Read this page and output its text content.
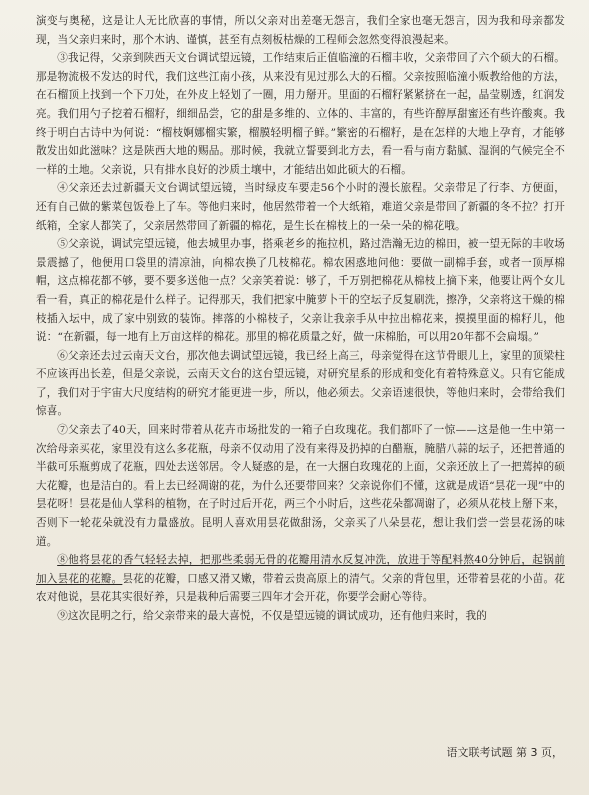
演变与奥秘，这是让人无比欣喜的事情，所以父亲对出差毫无怨言，我们全家也毫无怨言，因为我和母亲都发现，当父亲归来时，那个木讷、谨慎，甚至有点刻板枯燥的工程师会忽然变得浪漫起来。

③我记得，父亲到陕西天文台调试望远镜，工作结束后正值临潼的石榴丰收，父亲带回了六个硕大的石榴。那是物流极不发达的时代，我们这些江南小孩，从来没有见过那么大的石榴。父亲按照临潼小贩教给他的方法，在石榴顶上找到一个下刀处，在外皮上轻划了一圈，用力掰开。里面的石榴籽紧紧挤在一起，晶莹剔透，红润发亮。我们用勺子挖着石榴籽，细细品尝，它的甜是多维的、立体的、丰富的，有些许醇厚甜蜜还有些许酸爽。我终于明白古诗中为何说：“榴枝婀娜榴实繁，榴膜轻明榴子鲜。”繁密的石榴籽，是在怎样的大地上孕育，才能够散发出如此滋味？这是陕西大地的赐品。那时候，我就立誓要到北方去，看一看与南方黏腻、湿润的气候完全不一样的土地。父亲说，只有排水良好的沙质土壤中，才能结出如此硕大的石榴。

④父亲还去过新疆天文台调试望远镜，当时绿皮车要走56个小时的漫长旅程。父亲带足了行李、方便面，还有自己做的紫菜包饭卷上了车。等他归来时，他居然带着一个大纸箱，难道父亲是带回了新疆的冬不拉？打开纸箱，全家人都笑了，父亲居然带回了新疆的棉花，是生长在棉枝上的一朵一朵的棉花哦。

⑤父亲说，调试完望远镜，他去城里办事，搭乘老乡的拖拉机，路过浩瀚无边的棉田，被一望无际的丰收场景震撼了，他便用口袋里的清凉油，向棉农换了几枝棉花。棉农困惑地问他：要做一副棉手套，或者一顶厚棉帽，这点棉花都不够，要不要多送他一点？父亲笑着说：够了，千万别把棉花从棉枝上摘下来，他要让两个女儿看一看，真正的棉花是什么样子。记得那天，我们把家中腌萝卜干的空坛子反复刷洗，擦净，父亲将这干燥的棉枝插入坛中，成了家中别致的装饰。摔落的小棉枝子，父亲让我亲手从中拉出棉花来，摸摸里面的棉籽儿，他说：“在新疆，每一地有上万亩这样的棉花。那里的棉花质量之好，做一床棉胎，可以用20年都不会扁塌。”

⑥父亲还去过云南天文台，那次他去调试望远镜，我已经上高三，母亲觉得在这节骨眼儿上，家里的顶梁柱不应该再出长差，但是父亲说，云南天文台的这台望远镜，对研究星系的形成和变化有着特殊意义。只有它能成了，我们对于宇宙大尺度结构的研究才能更进一步，所以，他必须去。父亲语速很快，等他归来时，会带给我们惊喜。

⑦父亲去了40天，回来时带着从花卉市场批发的一箱子白玫瑰花。我们都吓了一惊——这是他一生中第一次给母亲买花，家里没有这么多花瓶，母亲不仅动用了没有来得及扔掉的白醋瓶，腌腊八蒜的坛子，还把普通的半截可乐瓶剪成了花瓶，四处去送邻居。令人疑惑的是，在一大捆白玫瑰花的上面，父亲还放上了一把蔫掉的硕大花瓣，也是洁白的。看上去已经凋谢的花，为什么还要带回来？父亲说你们不懂，这就是成语“昙花一现”中的昙花呀！昙花是仙人掌科的植物，在子时过后开花，两三个小时后，这些花朵都凋谢了，必须从花枝上掰下来，否则下一轮花朵就没有力量盛放。昆明人喜欢用昙花做甜汤，父亲买了八朵昙花，想让我们尝一尝昙花汤的味道。

⑧他将昙花的香气轻轻去掉，把那些柔弱无骨的花瓣用清水反复冲洗，放进于等配料熬40分钟后，起锅前加入昙花的花瓣。昙花的花瓣，口感又滑又嫩，带着云贵高原上的清气。父亲的背包里，还带着昙花的小苗。花农对他说，昙花其实很好养，只是栽种后需要三四年才会开花，你要学会耐心等待。

⑨这次昆明之行，给父亲带来的最大喜悦，不仅是望远镜的调试成功，还有他归来时，我的

语文联考试题 第 3 页，
